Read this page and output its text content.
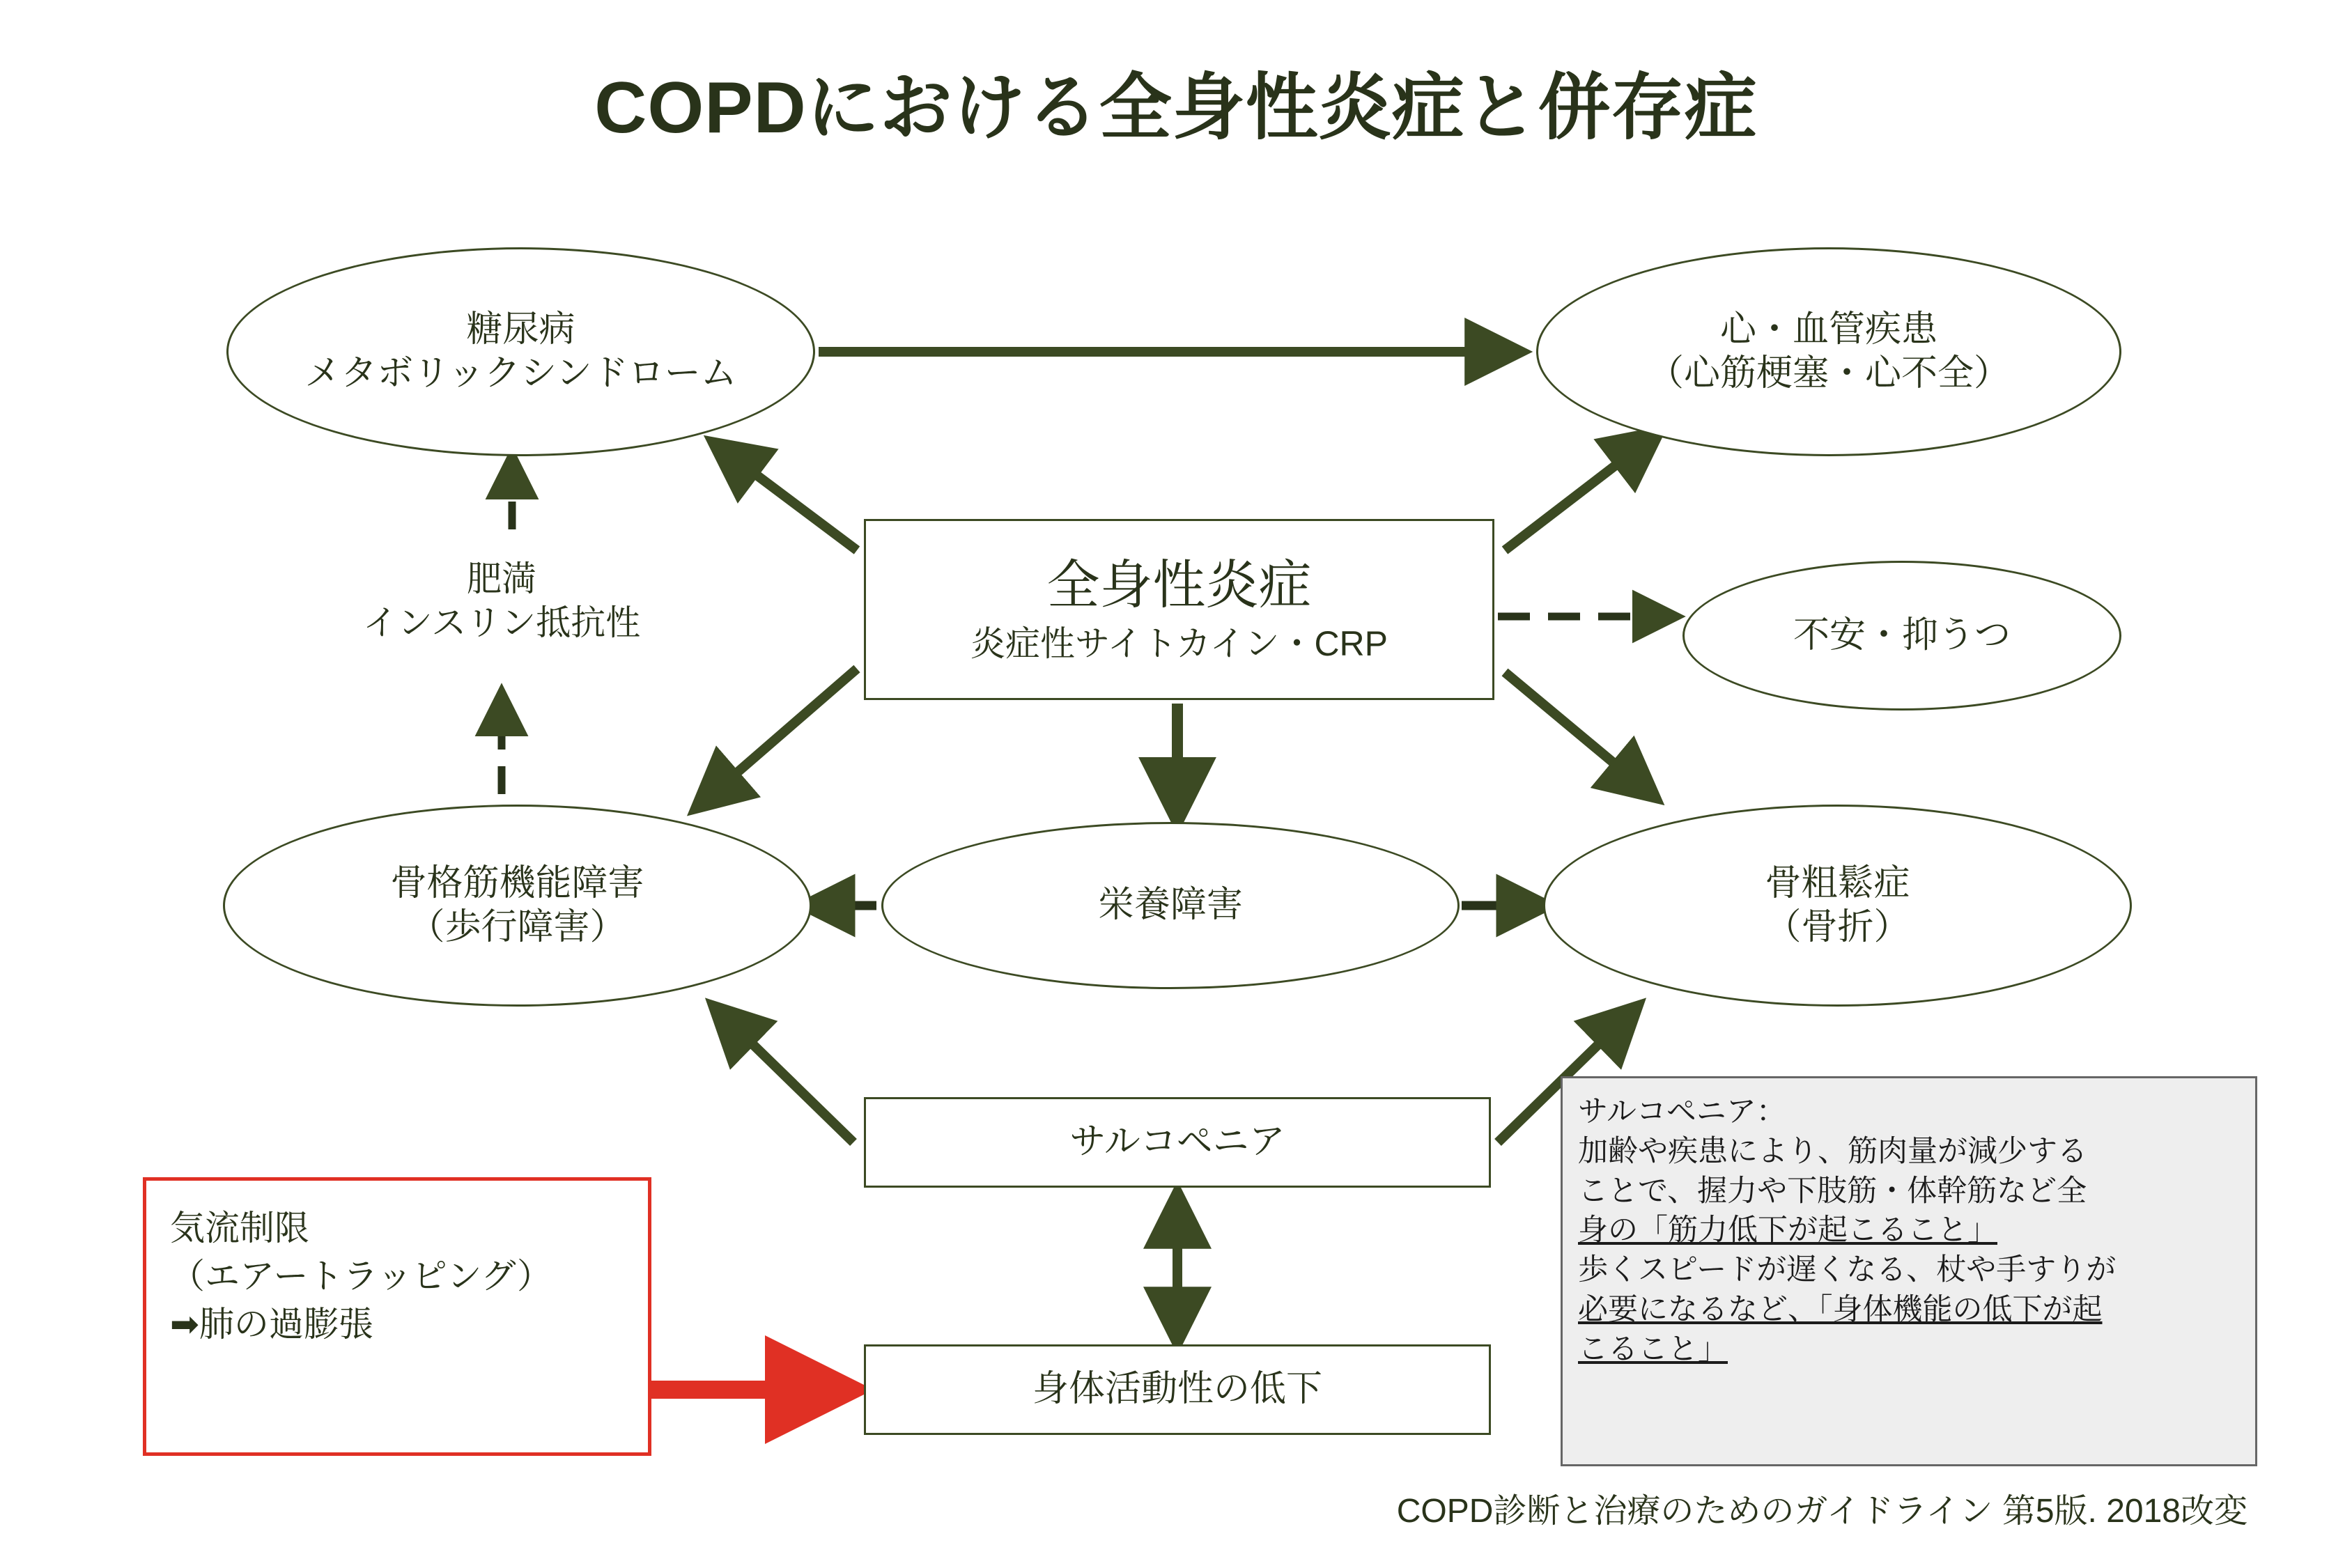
COPDにおける全身性炎症と併存症
糖尿病
メタボリックシンドローム
心・血管疾患
（心筋梗塞・心不全）
全身性炎症
炎症性サイトカイン・CRP	不安・抑うつ
肥満
インスリン抵抗性
骨格筋機能障害
（歩行障害）
栄養障害
骨粗鬆症
（骨折）
サルコペニア
身体活動性の低下
気流制限
（エアートラッピング）
➡肺の過膨張
サルコペニア：
加齢や疾患により、筋肉量が減少する
ことで、握力や下肢筋・体幹筋など全
身の「筋力低下が起こること」
歩くスピードが遅くなる、杖や手すりが
必要になるなど、「身体機能の低下が起
こること」
COPD診断と治療のためのガイドライン 第5版. 2018改変
